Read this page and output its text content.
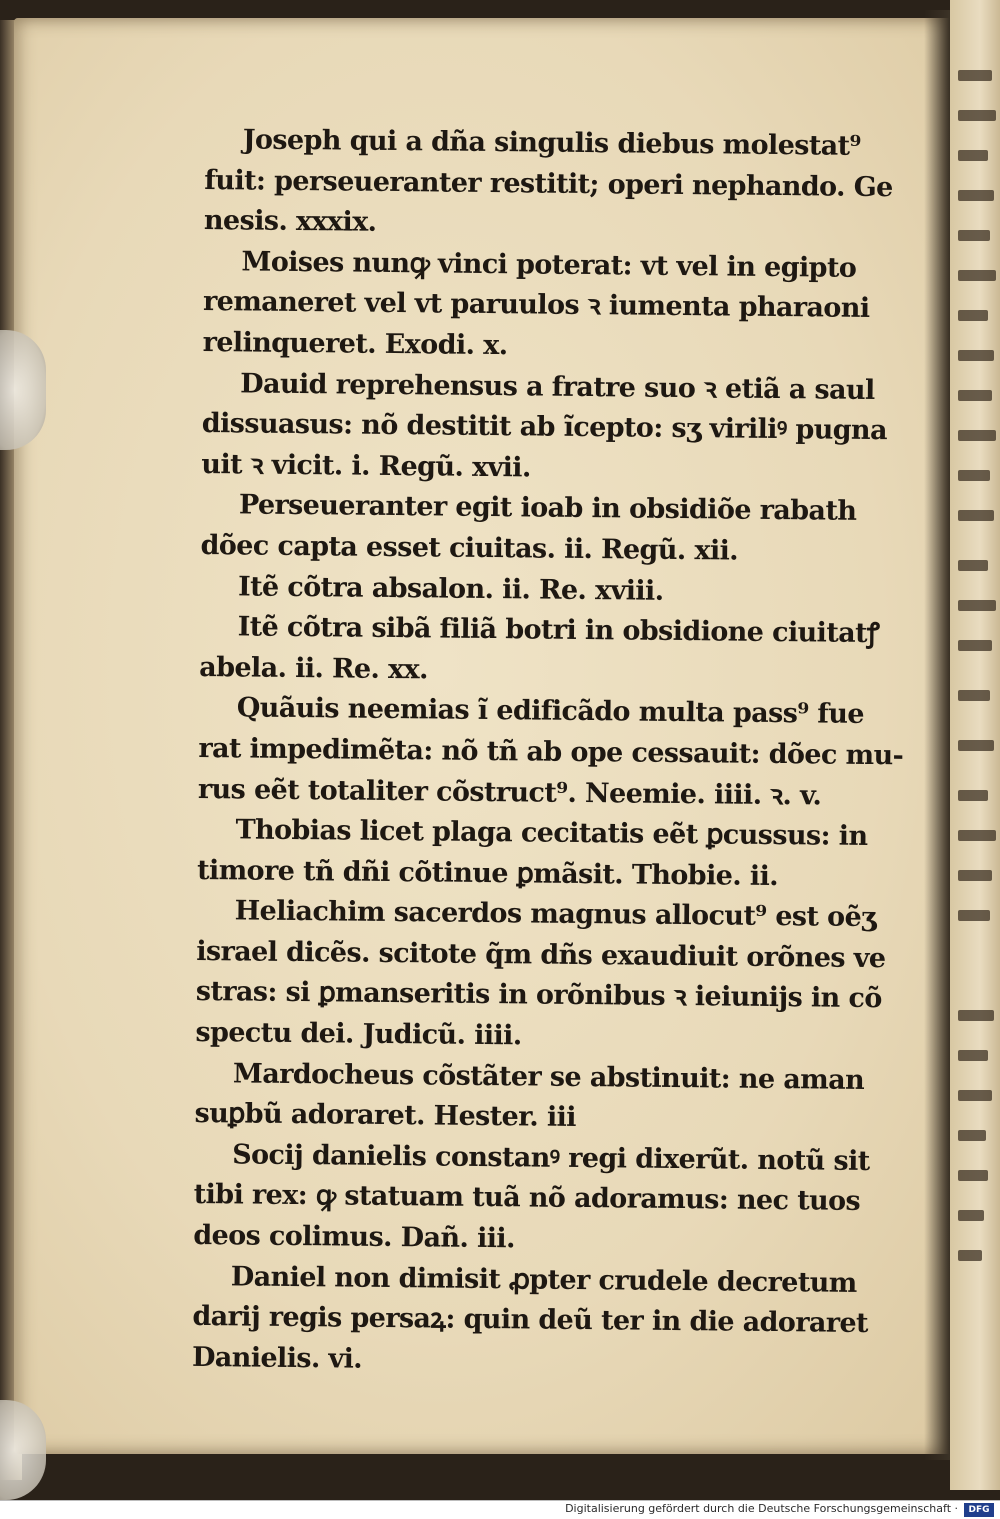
Joseph qui a dña singulis diebus molestat⁹
fuit: perseueranter restitit; operi nephando. Ge
nesis. xxxix.
Moises nunꝙ vinci poterat: vt vel in egipto
remaneret vel vt paruulos ꝛ iumenta pharaoni
relinqueret. Exodi. x.
Dauid reprehensus a fratre suo ꝛ etiã a saul
dissuasus: nõ destitit ab ĩcepto: sʒ viriliꝰ pugna
uit ꝛ vicit. i. Regũ. xvii.
Perseueranter egit ioab in obsidiõe rabath
dõec capta esset ciuitas. ii. Regũ. xii.
Itẽ cõtra absalon. ii. Re. xviii.
Itẽ cõtra sibã filiã botri in obsidione ciuitatꝭ
abela. ii. Re. xx.
Quãuis neemias ĩ edificãdo multa pass⁹ fue
rat impedimẽta: nõ tñ ab ope cessauit: dõec mu-
rus eẽt totaliter cõstruct⁹. Neemie. iiii. ꝛ. v.
Thobias licet plaga cecitatis eẽt ꝑcussus: in
timore tñ dñi cõtinue ꝑmãsit. Thobie. ii.
Heliachim sacerdos magnus allocut⁹ est oẽʒ
israel dicẽs. scitote q̃m dñs exaudiuit orõnes ve
stras: si ꝑmanseritis in orõnibus ꝛ ieiunijs in cõ
spectu dei. Judicũ. iiii.
Mardocheus cõstãter se abstinuit: ne aman
suꝑbũ adoraret. Hester. iii
Socij danielis constanꝰ regi dixerũt. notũ sit
tibi rex: ꝙ statuam tuã nõ adoramus: nec tuos
deos colimus. Dañ. iii.
Daniel non dimisit ꝓpter crudele decretum
darij regis persaꝝ: quin deũ ter in die adoraret
Danielis. vi.
Digitalisierung gefördert durch die Deutsche Forschungsgemeinschaft ·	DFG
